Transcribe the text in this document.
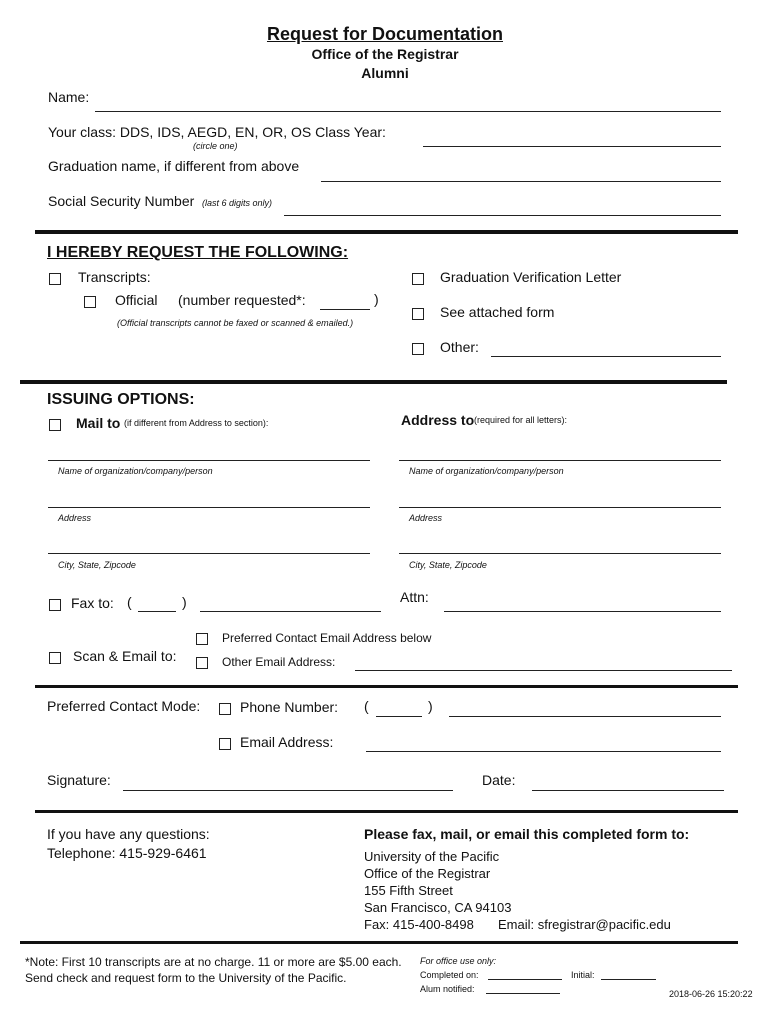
Request for Documentation
Office of the Registrar
Alumni
Name:
Your class: DDS, IDS, AEGD, EN, OR, OS Class Year:
(circle one)
Graduation name, if different from above
Social Security Number (last 6 digits only)
I HEREBY REQUEST THE FOLLOWING:
Transcripts:
Official (number requested*:	)
(Official transcripts cannot be faxed or scanned & emailed.)
Graduation Verification Letter
See attached form
Other:
ISSUING OPTIONS:
Mail to (if different from Address to section):	Address to (required for all letters):
Name of organization/company/person
Address
City, State, Zipcode
Name of organization/company/person
Address
City, State, Zipcode
Fax to: (	)	Attn:
Preferred Contact Email Address below
Scan & Email to:	Other Email Address:
Preferred Contact Mode:	Phone Number: (	)
Email Address:
Signature:	Date:
If you have any questions:
Telephone: 415-929-6461
Please fax, mail, or email this completed form to:
University of the Pacific
Office of the Registrar
155 Fifth Street
San Francisco, CA 94103
Fax: 415-400-8498 Email: sfregistrar@pacific.edu
*Note: First 10 transcripts are at no charge. 11 or more are $5.00 each.
Send check and request form to the University of the Pacific.
For office use only:
Completed on:	Initial:
Alum notified:	2018-06-26 15:20:22
